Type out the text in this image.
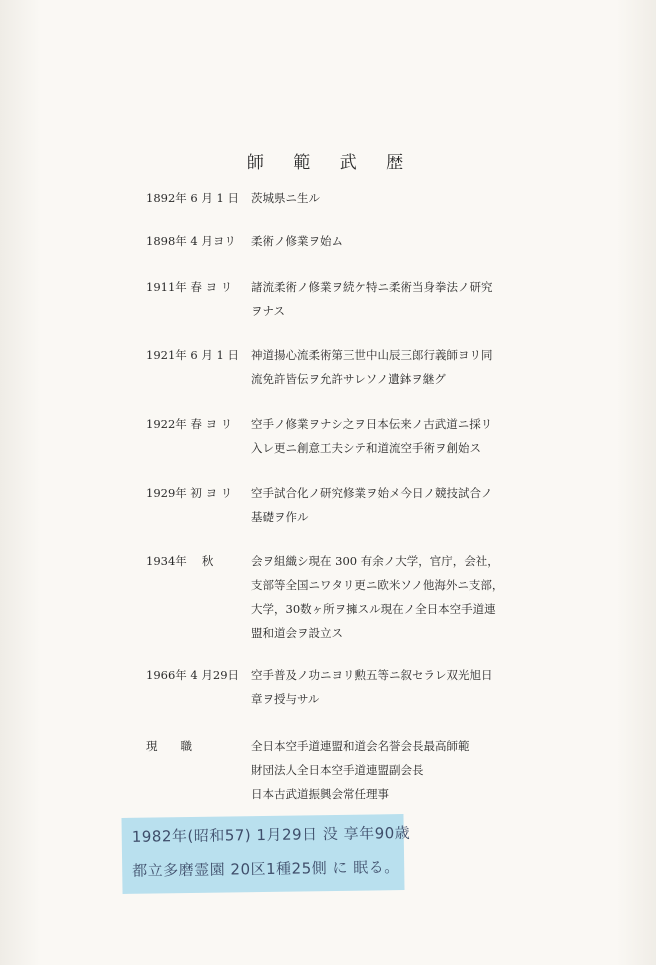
師 範 武 歴
1892年 6 月 1 日	茨城県ニ生ル
1898年 4 月ヨリ	柔術ノ修業ヲ始ム
1911年 春 ヨ リ	諸流柔術ノ修業ヲ続ケ特ニ柔術当身拳法ノ研究
ヲナス
1921年 6 月 1 日	神道揚心流柔術第三世中山辰三郎行義師ヨリ同
流免許皆伝ヲ允許サレソノ遺鉢ヲ継グ
1922年 春 ヨ リ	空手ノ修業ヲナシ之ヲ日本伝来ノ古武道ニ採リ
入レ更ニ創意工夫シテ和道流空手術ヲ創始ス
1929年 初 ヨ リ	空手試合化ノ研究修業ヲ始メ今日ノ競技試合ノ
基礎ヲ作ル
1934年　 秋	会ヲ組織シ現在 300 有余ノ大学，官庁，会社，
支部等全国ニワタリ更ニ欧米ソノ他海外ニ支部，
大学，30数ヶ所ヲ擁スル現在ノ全日本空手道連
盟和道会ヲ設立ス
1966年 4 月29日	空手普及ノ功ニヨリ勲五等ニ叙セラレ双光旭日
章ヲ授与サル
現　　職	全日本空手道連盟和道会名誉会長最高師範
財団法人全日本空手道連盟副会長
日本古武道振興会常任理事
1982年(昭和57) 1月29日 没 享年90歳
都立多磨霊園 20区1種25側 に 眠る。
